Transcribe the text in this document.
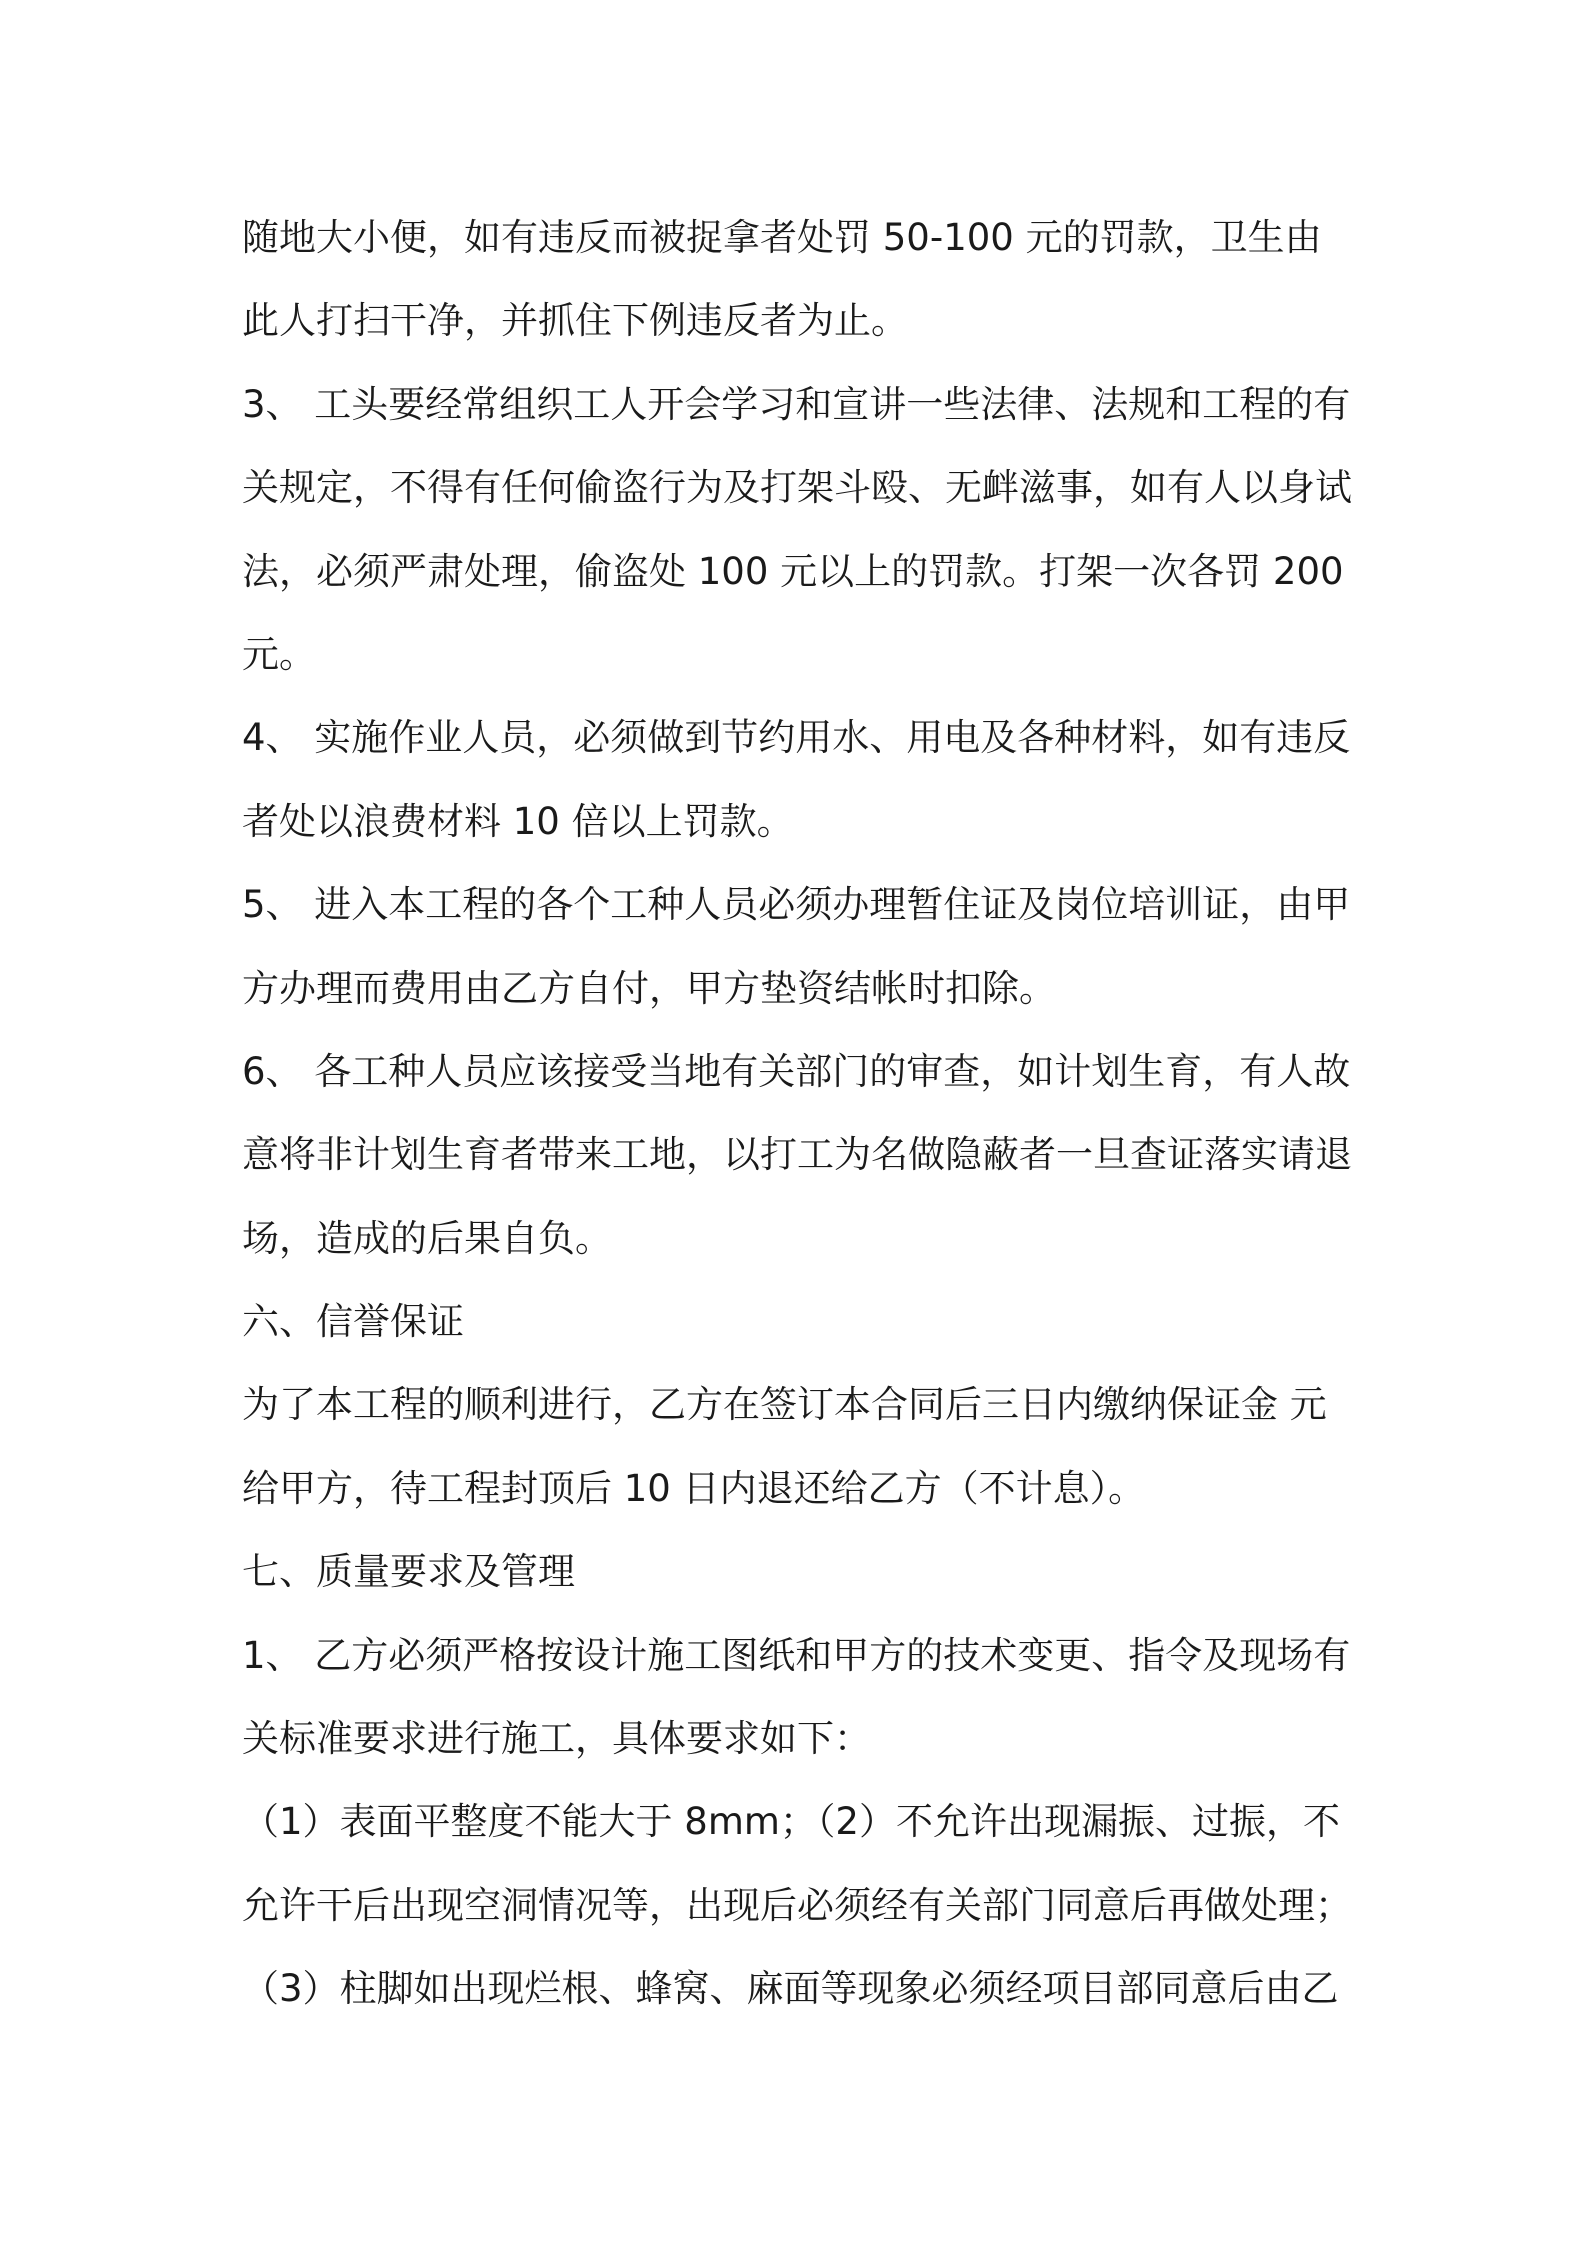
随地大小便，如有违反而被捉拿者处罚 50-100 元的罚款，卫生由
此人打扫干净，并抓住下例违反者为止。
3、 工头要经常组织工人开会学习和宣讲一些法律、法规和工程的有
关规定，不得有任何偷盗行为及打架斗殴、无衅滋事，如有人以身试
法，必须严肃处理，偷盗处 100 元以上的罚款。打架一次各罚 200
元。
4、 实施作业人员，必须做到节约用水、用电及各种材料，如有违反
者处以浪费材料 10 倍以上罚款。
5、 进入本工程的各个工种人员必须办理暂住证及岗位培训证，由甲
方办理而费用由乙方自付，甲方垫资结帐时扣除。
6、 各工种人员应该接受当地有关部门的审查，如计划生育，有人故
意将非计划生育者带来工地，以打工为名做隐蔽者一旦查证落实请退
场，造成的后果自负。
六、信誉保证
为了本工程的顺利进行，乙方在签订本合同后三日内缴纳保证金 元
给甲方，待工程封顶后 10 日内退还给乙方（不计息）。
七、质量要求及管理
1、 乙方必须严格按设计施工图纸和甲方的技术变更、指令及现场有
关标准要求进行施工，具体要求如下：
（1）表面平整度不能大于 8mm；（2）不允许出现漏振、过振，不
允许干后出现空洞情况等，出现后必须经有关部门同意后再做处理；
（3）柱脚如出现烂根、蜂窝、麻面等现象必须经项目部同意后由乙
